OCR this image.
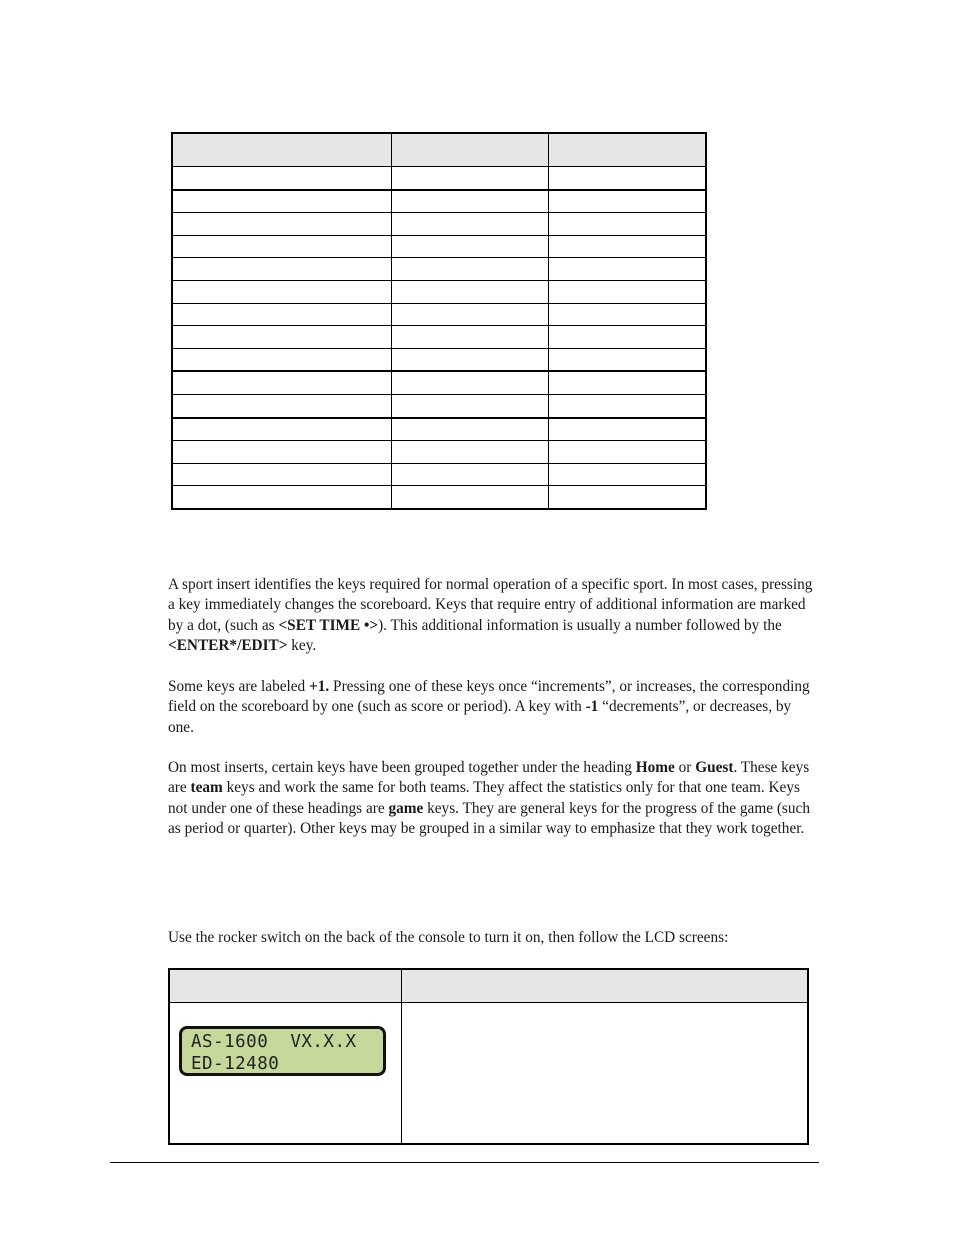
A sport insert identifies the keys required for normal operation of a specific sport. In most cases, pressing a key immediately changes the scoreboard. Keys that require entry of additional information are marked by a dot, (such as <SET TIME •>). This additional information is usually a number followed by the <ENTER*/EDIT> key.

Some keys are labeled +1. Pressing one of these keys once “increments”, or increases, the corresponding field on the scoreboard by one (such as score or period). A key with -1 “decrements”, or decreases, by one.

On most inserts, certain keys have been grouped together under the heading Home or Guest. These keys are team keys and work the same for both teams. They affect the statistics only for that one team. Keys not under one of these headings are game keys. They are general keys for the progress of the game (such as period or quarter). Other keys may be grouped in a similar way to emphasize that they work together.

Use the rocker switch on the back of the console to turn it on, then follow the LCD screens:

AS-1600  VX.X.X
ED-12480	
